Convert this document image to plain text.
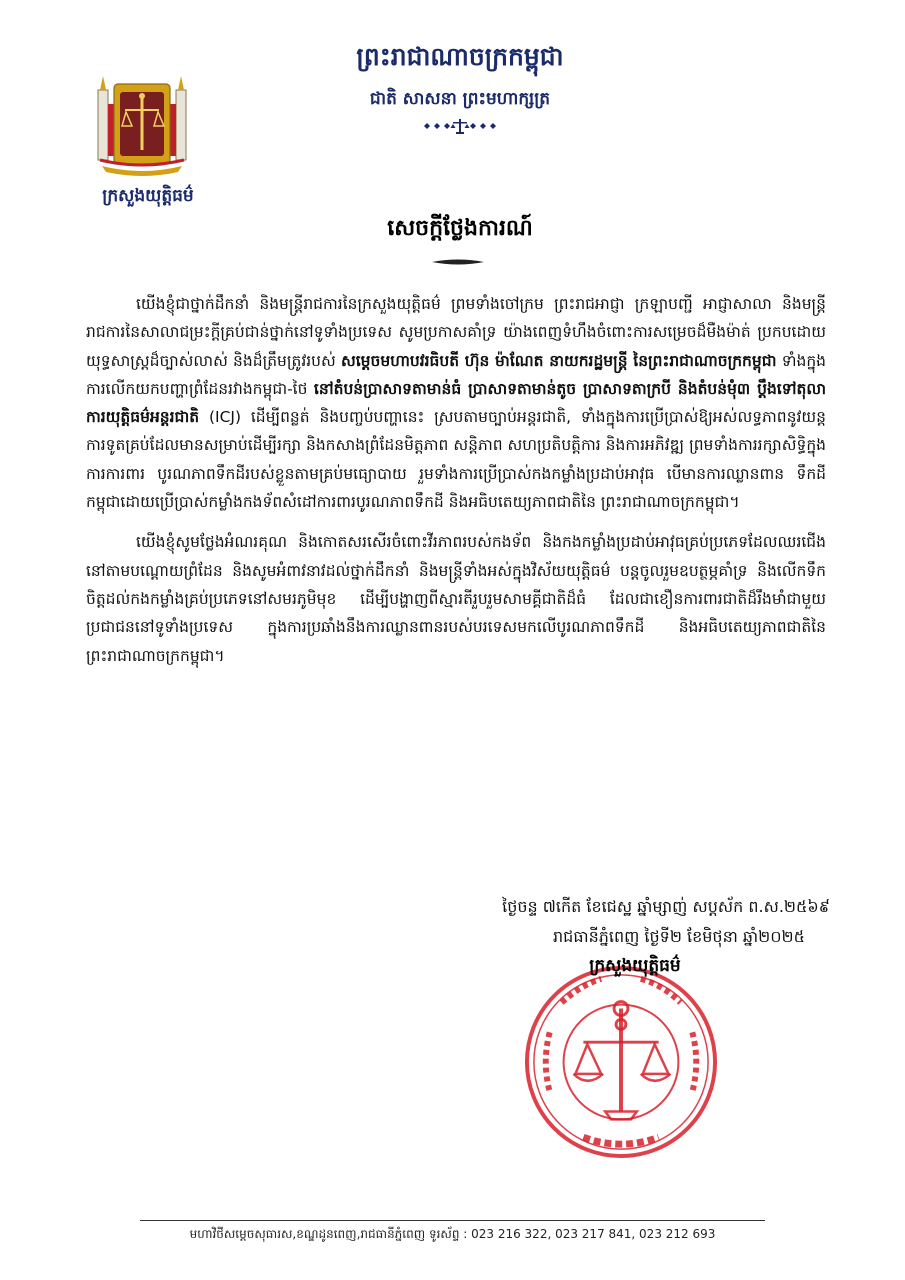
ព្រះរាជាណាចក្រកម្ពុជា
ជាតិ សាសនា ព្រះមហាក្សត្រ
ក្រសួងយុត្តិធម៌
សេចក្តីថ្លែងការណ៍

យើងខ្ញុំជាថ្នាក់ដឹកនាំ និងមន្ត្រីរាជការនៃក្រសួងយុត្តិធម៌ ព្រមទាំងចៅក្រម ព្រះរាជអាជ្ញា ក្រឡាបញ្ជី អាជ្ញាសាលា និងមន្ត្រីរាជការនៃសាលាជម្រះក្តីគ្រប់ជាន់ថ្នាក់នៅទូទាំងប្រទេស សូមប្រកាសគាំទ្រ យ៉ាងពេញទំហឹងចំពោះការសម្រេចដ៏មឺងម៉ាត់ ប្រកបដោយយុទ្ធសាស្ត្រដ៏ច្បាស់លាស់ និងដ៏ត្រឹមត្រូវរបស់ សម្តេចមហាបវរធិបតី ហ៊ុន ម៉ាណែត នាយករដ្ឋមន្ត្រី នៃព្រះរាជាណាចក្រកម្ពុជា ទាំងក្នុងការលើកយកបញ្ហាព្រំដែនរវាងកម្ពុជា-ថៃ នៅតំបន់ប្រាសាទតាមាន់ធំ ប្រាសាទតាមាន់តូច ប្រាសាទតាក្របី និងតំបន់មុំ៣ ប្តឹងទៅតុលាការយុត្តិធម៌អន្តរជាតិ (ICJ) ដើម្បីពន្លត់ និងបញ្ចប់បញ្ហានេះ ស្របតាមច្បាប់អន្តរជាតិ, ទាំងក្នុងការប្រើប្រាស់ឱ្យអស់លទ្ធភាពនូវយន្តការទូតគ្រប់ដែលមានសម្រាប់ដើម្បីរក្សា និងកសាងព្រំដែនមិត្តភាព សន្តិភាព សហប្រតិបត្តិការ និងការអភិវឌ្ឍ ព្រមទាំងការរក្សាសិទ្ធិក្នុងការការពារ បូរណភាពទឹកដីរបស់ខ្លួនតាមគ្រប់មធ្យោបាយ រួមទាំងការប្រើប្រាស់កងកម្លាំងប្រដាប់អាវុធ បើមានការឈ្លានពាន ទឹកដីកម្ពុជាដោយប្រើប្រាស់កម្លាំងកងទ័ពសំដៅការពារបូរណភាពទឹកដី និងអធិបតេយ្យភាពជាតិនៃ ព្រះរាជាណាចក្រកម្ពុជា។

យើងខ្ញុំសូមថ្លែងអំណរគុណ និងកោតសរសើរចំពោះវីរភាពរបស់កងទ័ព និងកងកម្លាំងប្រដាប់អាវុធគ្រប់ប្រភេទដែលឈរជើងនៅតាមបណ្តោយព្រំដែន និងសូមអំពាវនាវដល់ថ្នាក់ដឹកនាំ និងមន្ត្រីទាំងអស់ក្នុងវិស័យយុត្តិធម៌ បន្តចូលរួមឧបត្ថម្ភគាំទ្រ និងលើកទឹកចិត្តដល់កងកម្លាំងគ្រប់ប្រភេទនៅសមរភូមិមុខ ដើម្បីបង្ហាញពីស្មារតីរួបរួមសាមគ្គីជាតិដ៏ធំ ដែលជាខឿនការពារជាតិដ៏រឹងមាំជាមួយប្រជាជននៅទូទាំងប្រទេស ក្នុងការប្រឆាំងនឹងការឈ្លានពានរបស់បរទេសមកលើបូរណភាពទឹកដី និងអធិបតេយ្យភាពជាតិនៃព្រះរាជាណាចក្រកម្ពុជា។

ថ្ងៃចន្ទ ៧កើត ខែជេស្ឋ ឆ្នាំម្សាញ់ សប្តស័ក ព.ស.២៥៦៩
រាជធានីភ្នំពេញ ថ្ងៃទី២ ខែមិថុនា ឆ្នាំ២០២៥
ក្រសួងយុត្តិធម៌
មហាវិថីសម្តេចសុធារស,ខណ្ឌដូនពេញ,រាជធានីភ្នំពេញ ទូរស័ព្ទ : 023 216 322, 023 217 841, 023 212 693
